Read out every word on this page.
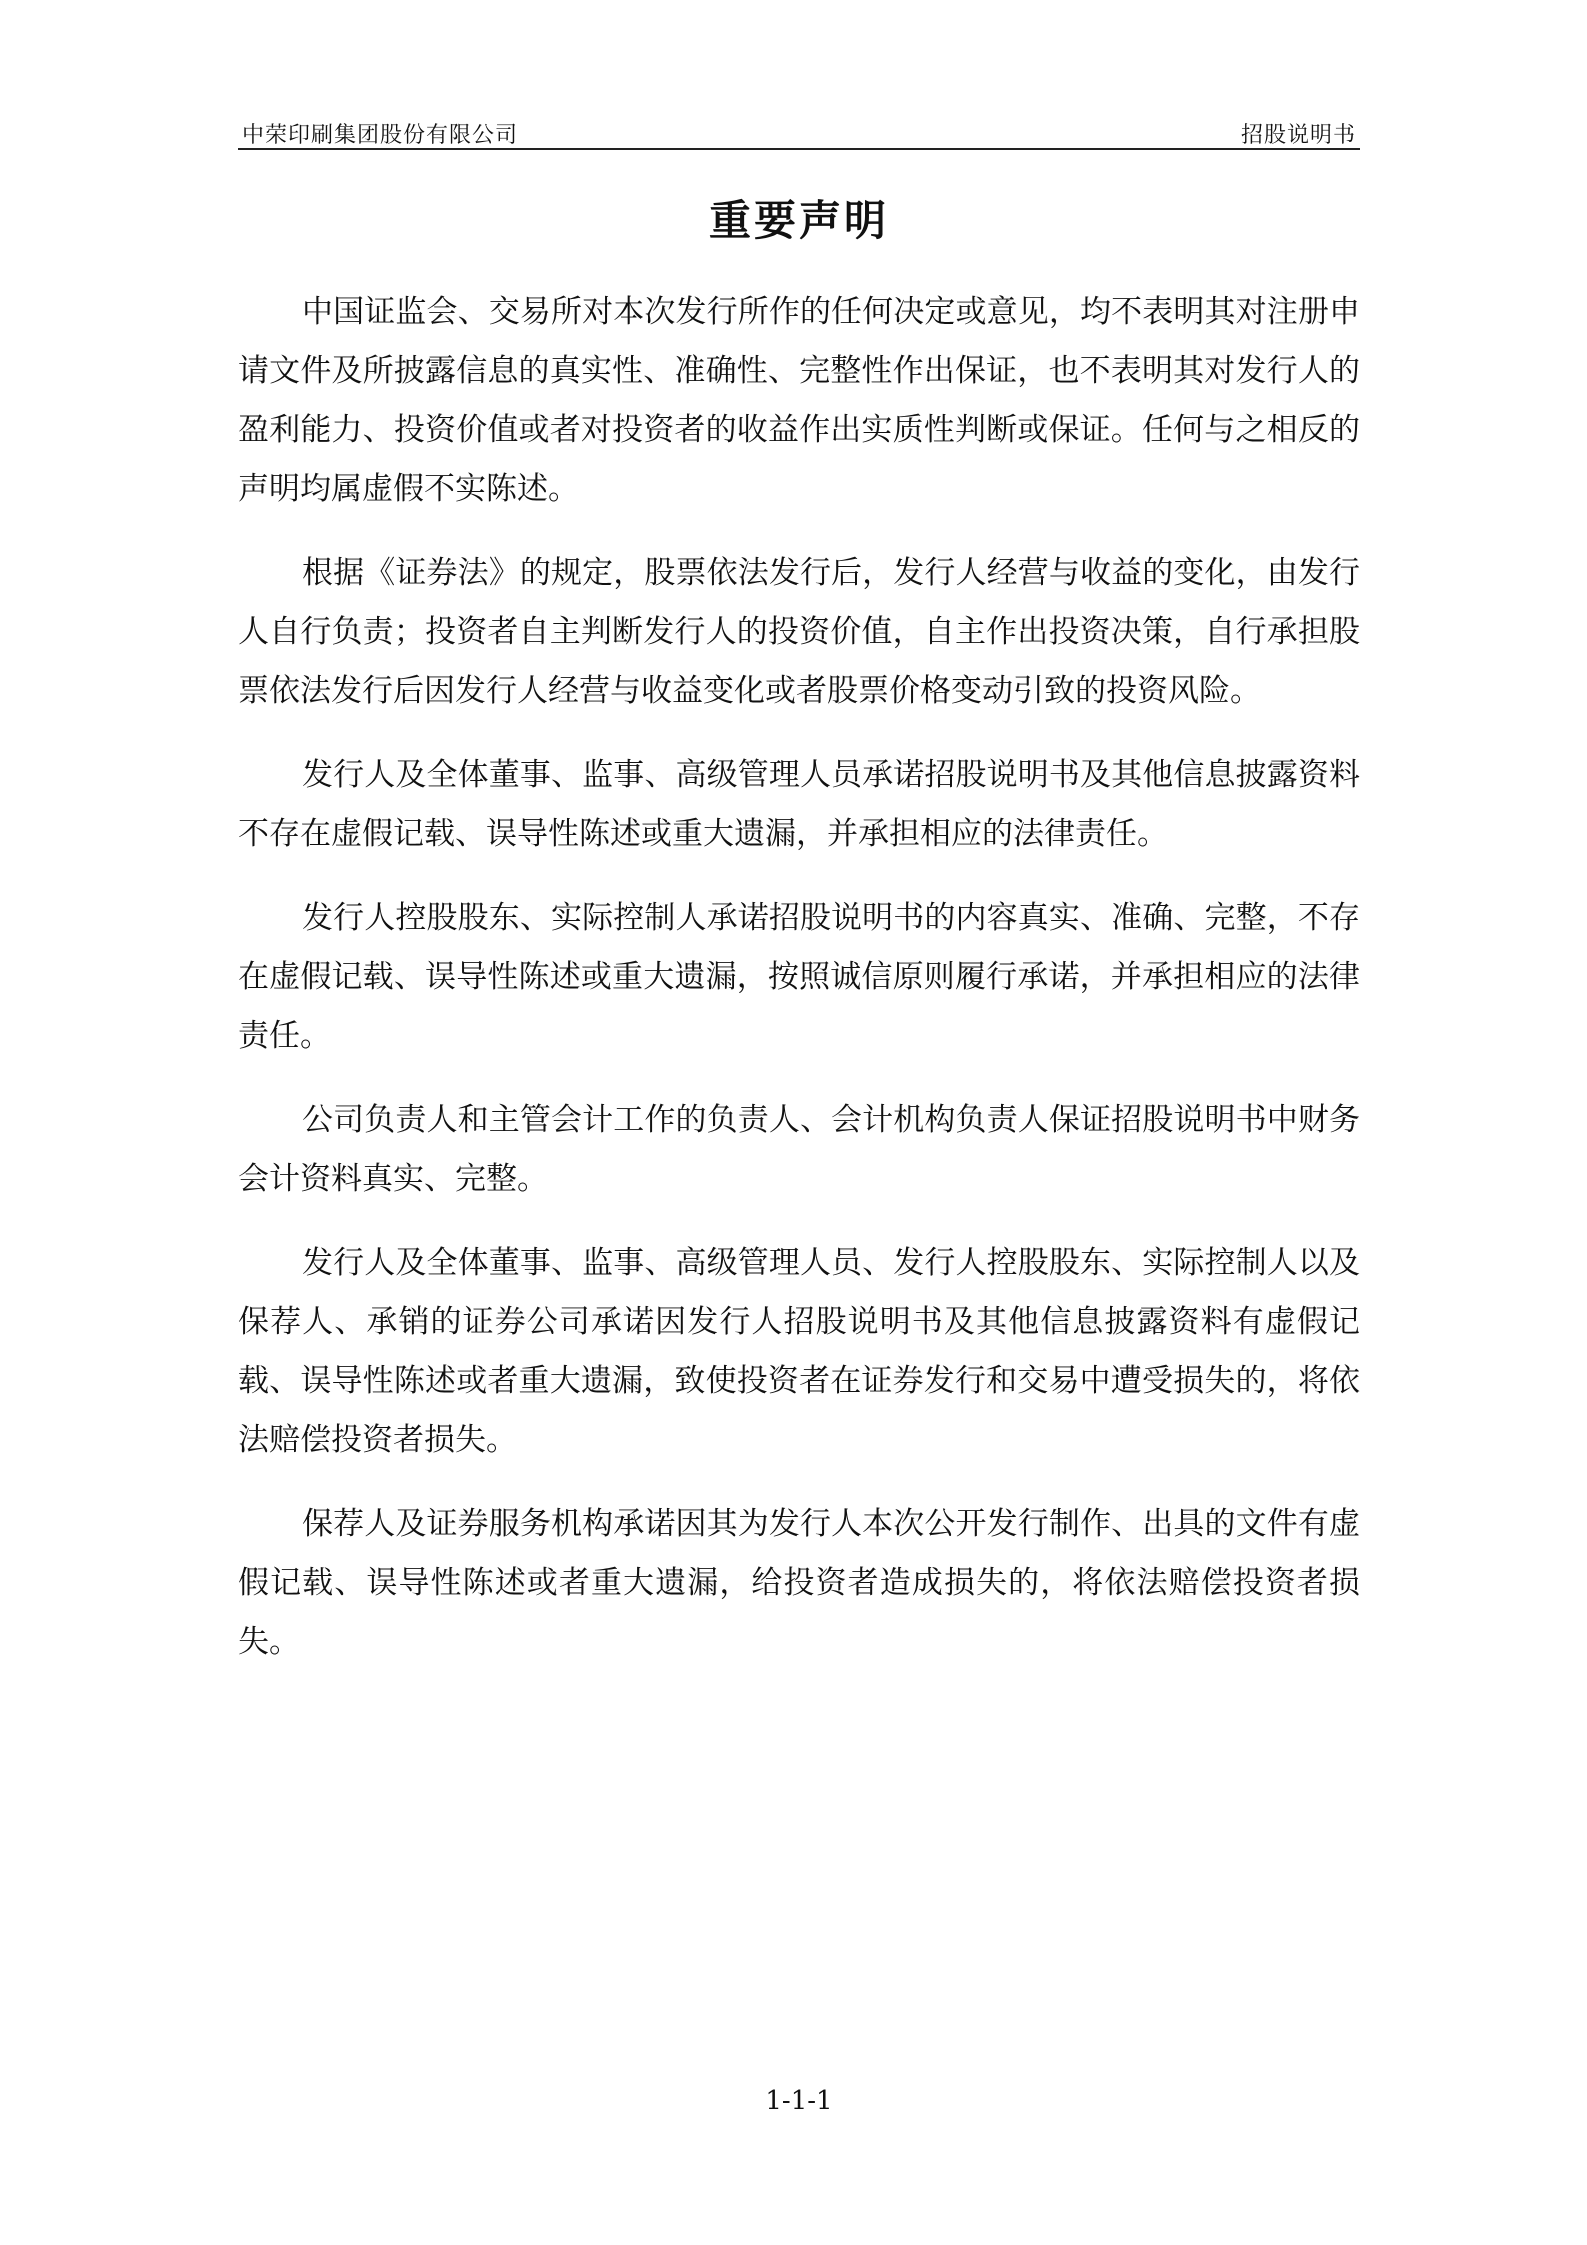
中荣印刷集团股份有限公司	招股说明书
重要声明

中国证监会、交易所对本次发行所作的任何决定或意见，均不表明其对注册申请文件及所披露信息的真实性、准确性、完整性作出保证，也不表明其对发行人的盈利能力、投资价值或者对投资者的收益作出实质性判断或保证。任何与之相反的声明均属虚假不实陈述。

根据《证券法》的规定，股票依法发行后，发行人经营与收益的变化，由发行人自行负责；投资者自主判断发行人的投资价值，自主作出投资决策，自行承担股票依法发行后因发行人经营与收益变化或者股票价格变动引致的投资风险。

发行人及全体董事、监事、高级管理人员承诺招股说明书及其他信息披露资料不存在虚假记载、误导性陈述或重大遗漏，并承担相应的法律责任。

发行人控股股东、实际控制人承诺招股说明书的内容真实、准确、完整，不存在虚假记载、误导性陈述或重大遗漏，按照诚信原则履行承诺，并承担相应的法律责任。

公司负责人和主管会计工作的负责人、会计机构负责人保证招股说明书中财务会计资料真实、完整。

发行人及全体董事、监事、高级管理人员、发行人控股股东、实际控制人以及保荐人、承销的证券公司承诺因发行人招股说明书及其他信息披露资料有虚假记载、误导性陈述或者重大遗漏，致使投资者在证券发行和交易中遭受损失的，将依法赔偿投资者损失。

保荐人及证券服务机构承诺因其为发行人本次公开发行制作、出具的文件有虚假记载、误导性陈述或者重大遗漏，给投资者造成损失的，将依法赔偿投资者损失。

1-1-1
